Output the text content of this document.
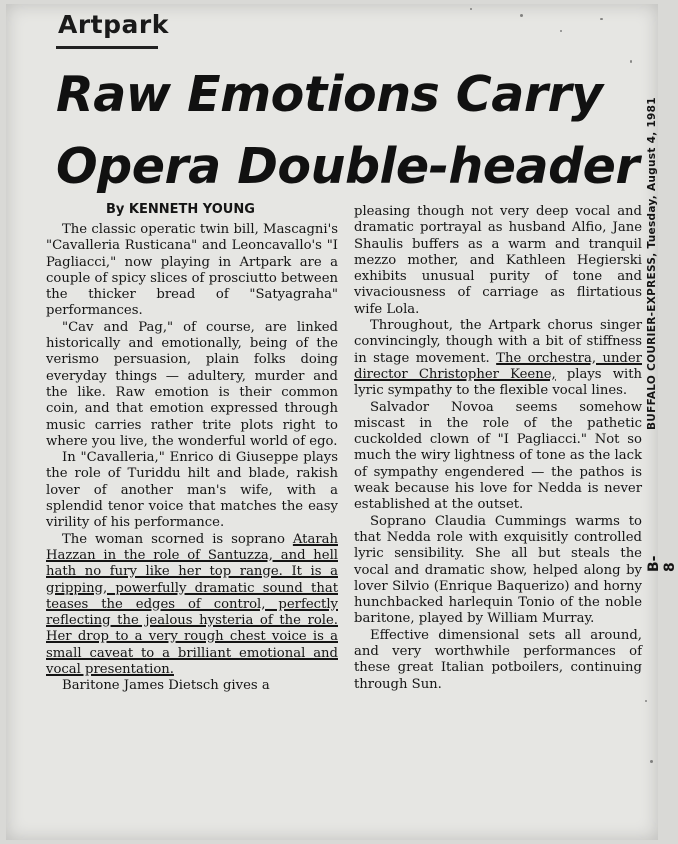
Artpark
Raw Emotions Carry
Opera Double-header
By KENNETH YOUNG

The classic operatic twin bill, Mascagni's "Cavalleria Rusticana" and Leoncavallo's "I Pagliacci," now playing in Artpark are a couple of spicy slices of prosciutto between the thicker bread of "Satyagraha" performances.

"Cav and Pag," of course, are linked historically and emotionally, being of the verismo persuasion, plain folks doing everyday things — adultery, murder and the like. Raw emotion is their common coin, and that emotion expressed through music carries rather trite plots right to where you live, the wonderful world of ego.

In "Cavalleria," Enrico di Giuseppe plays the role of Turiddu hilt and blade, rakish lover of another man's wife, with a splendid tenor voice that matches the easy virility of his performance.

The woman scorned is soprano Atarah Hazzan in the role of Santuzza, and hell hath no fury like her top range. It is a gripping, powerfully dramatic sound that teases the edges of control, perfectly reflecting the jealous hysteria of the role. Her drop to a very rough chest voice is a small caveat to a brilliant emotional and vocal presentation.

Baritone James Dietsch gives a

pleasing though not very deep vocal and dramatic portrayal as husband Alfio, Jane Shaulis buffers as a warm and tranquil mezzo mother, and Kathleen Hegierski exhibits unusual purity of tone and vivaciousness of carriage as flirtatious wife Lola.

Throughout, the Artpark chorus singer convincingly, though with a bit of stiffness in stage movement. The orchestra, under director Christopher Keene, plays with lyric sympathy to the flexible vocal lines.

Salvador Novoa seems somehow miscast in the role of the pathetic cuckolded clown of "I Pagliacci." Not so much the wiry lightness of tone as the lack of sympathy engendered — the pathos is weak because his love for Nedda is never established at the outset.

Soprano Claudia Cummings warms to that Nedda role with exquisitly controlled lyric sensibility. She all but steals the vocal and dramatic show, helped along by lover Silvio (Enrique Baquerizo) and horny hunchbacked harlequin Tonio of the noble baritone, played by William Murray.

Effective dimensional sets all around, and very worthwhile performances of these great Italian potboilers, continuing through Sun.

B-8
BUFFALO COURIER-EXPRESS, Tuesday, August 4, 1981
